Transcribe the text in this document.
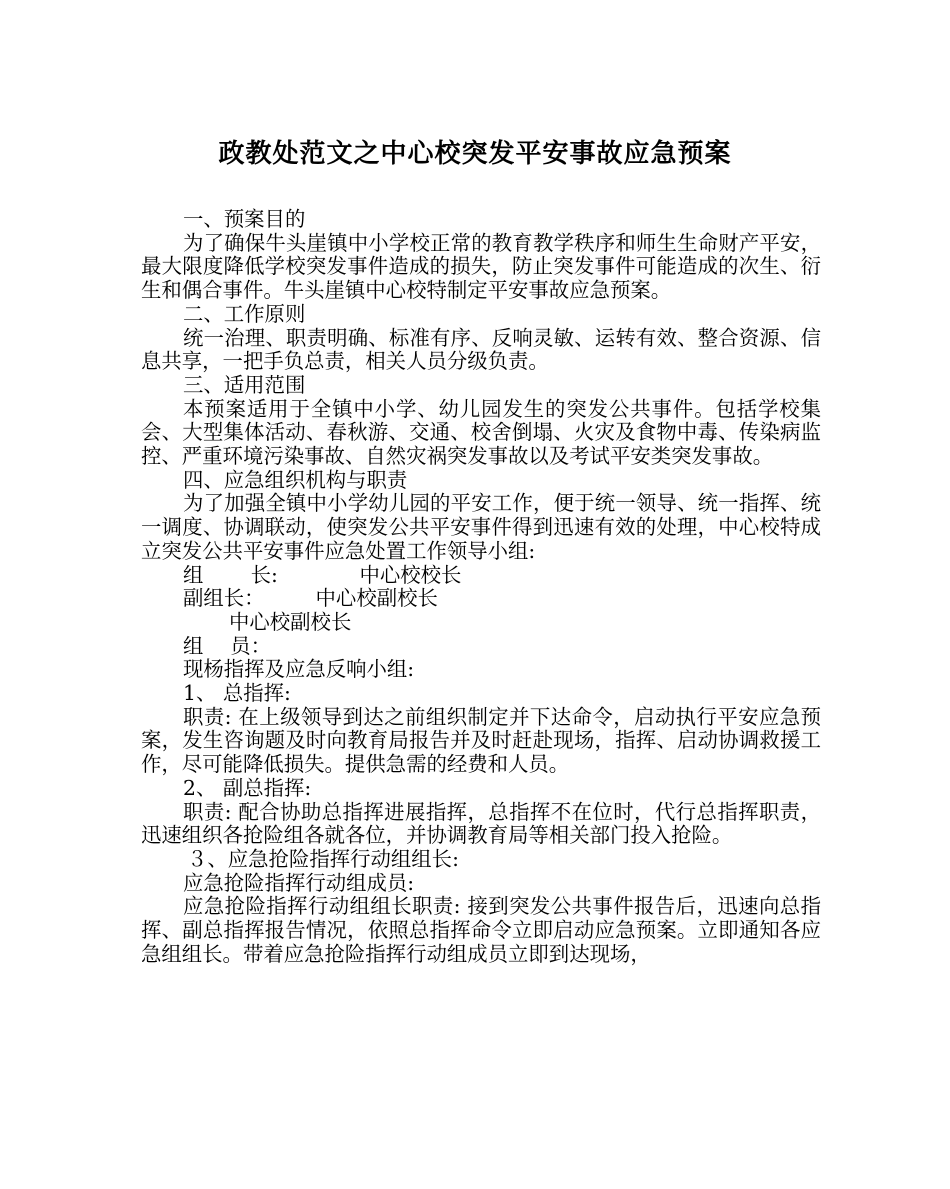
政教处范文之中心校突发平安事故应急预案

一、预案目的

为了确保牛头崖镇中小学校正常的教育教学秩序和师生生命财产平安，最大限度降低学校突发事件造成的损失，防止突发事件可能造成的次生、衍生和偶合事件。牛头崖镇中心校特制定平安事故应急预案。

二、工作原则

统一治理、职责明确、标准有序、反响灵敏、运转有效、整合资源、信息共享，一把手负总责，相关人员分级负责。

三、适用范围

本预案适用于全镇中小学、幼儿园发生的突发公共事件。包括学校集会、大型集体活动、春秋游、交通、校舍倒塌、火灾及食物中毒、传染病监控、严重环境污染事故、自然灾祸突发事故以及考试平安类突发事故。

四、应急组织机构与职责

为了加强全镇中小学幼儿园的平安工作，便于统一领导、统一指挥、统一调度、协调联动，使突发公共平安事件得到迅速有效的处理，中心校特成立突发公共平安事件应急处置工作领导小组:

组　　 长:　　　　中心校校长

副组长：　　　中心校副校长

中心校副校长

组　 员：

现杨指挥及应急反响小组:

1、 总指挥:

职责: 在上级领导到达之前组织制定并下达命令，启动执行平安应急预案，发生咨询题及时向教育局报告并及时赶赴现场，指挥、启动协调救援工作，尽可能降低损失。提供急需的经费和人员。

2、 副总指挥:

职责: 配合协助总指挥进展指挥，总指挥不在位时，代行总指挥职责，迅速组织各抢险组各就各位，并协调教育局等相关部门投入抢险。

３、应急抢险指挥行动组组长:

应急抢险指挥行动组成员:

应急抢险指挥行动组组长职责: 接到突发公共事件报告后，迅速向总指挥、副总指挥报告情况，依照总指挥命令立即启动应急预案。立即通知各应急组组长。带着应急抢险指挥行动组成员立即到达现场，
